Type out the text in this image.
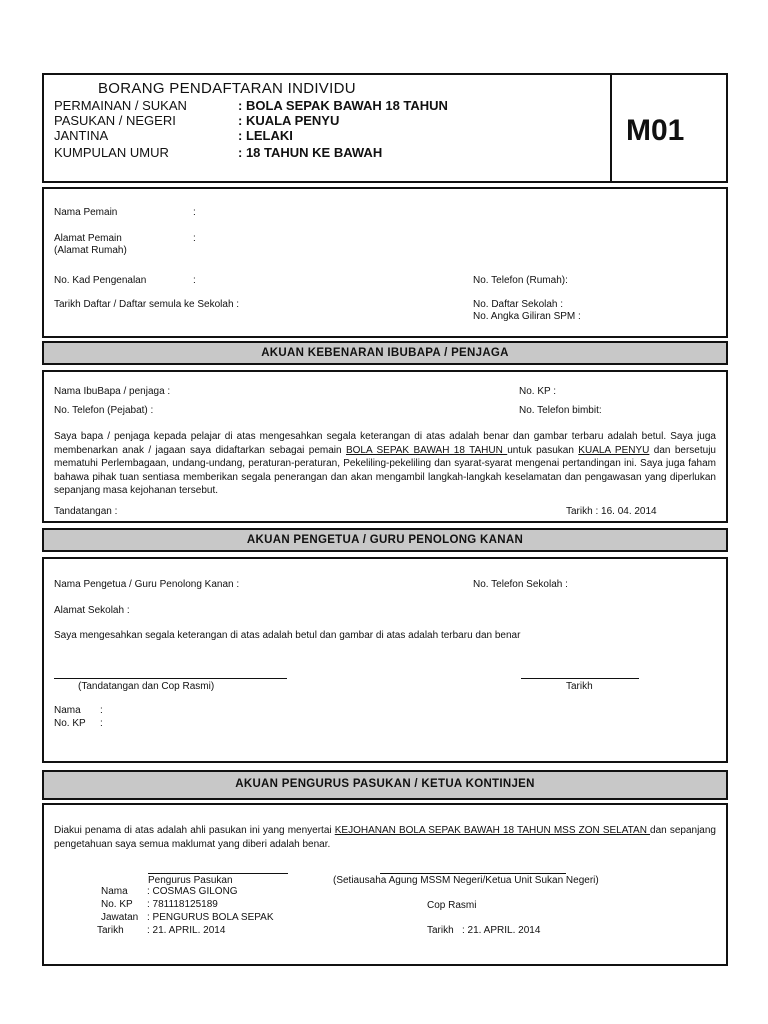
BORANG PENDAFTARAN INDIVIDU
PERMAINAN / SUKAN	: BOLA SEPAK BAWAH 18 TAHUN
PASUKAN / NEGERI	: KUALA PENYU
JANTINA	: LELAKI
KUMPULAN UMUR	: 18 TAHUN KE BAWAH
M01
Nama Pemain	:
Alamat Pemain	:
(Alamat Rumah)
No. Kad Pengenalan	:	No. Telefon (Rumah):
Tarikh Daftar / Daftar semula ke Sekolah :	No. Daftar Sekolah :
No. Angka Giliran SPM :
AKUAN KEBENARAN IBUBAPA / PENJAGA
Nama IbuBapa / penjaga :	No. KP :
No. Telefon (Pejabat) :	No. Telefon bimbit:
Saya bapa / penjaga kepada pelajar di atas mengesahkan segala keterangan di atas adalah benar dan gambar terbaru adalah betul. Saya juga membenarkan anak / jagaan saya didaftarkan sebagai pemain BOLA SEPAK BAWAH 18 TAHUN untuk pasukan KUALA PENYU dan bersetuju mematuhi Perlembagaan, undang-undang, peraturan-peraturan, Pekeliling-pekeliling dan syarat-syarat mengenai pertandingan ini. Saya juga faham bahawa pihak tuan sentiasa memberikan segala penerangan dan akan mengambil langkah-langkah keselamatan dan pengawasan yang diperlukan sepanjang masa kejohanan tersebut.
Tandatangan :	Tarikh : 16. 04. 2014
AKUAN PENGETUA / GURU PENOLONG KANAN
Nama Pengetua / Guru Penolong Kanan :	No. Telefon Sekolah :
Alamat Sekolah :
Saya mengesahkan segala keterangan di atas adalah betul dan gambar di atas adalah terbaru dan benar
(Tandatangan dan Cop Rasmi)	Tarikh
Nama :
No. KP :
AKUAN PENGURUS PASUKAN / KETUA KONTINJEN
Diakui penama di atas adalah ahli pasukan ini yang menyertai KEJOHANAN BOLA SEPAK BAWAH 18 TAHUN MSS ZON SELATAN dan sepanjang pengetahuan saya semua maklumat yang diberi adalah benar.
Pengurus Pasukan	(Setiausaha Agung MSSM Negeri/Ketua Unit Sukan Negeri)
Nama : COSMAS GILONG
No. KP : 781118125189
Jawatan : PENGURUS BOLA SEPAK
Tarikh : 21. APRIL. 2014
Cop Rasmi
Tarikh : 21. APRIL. 2014
